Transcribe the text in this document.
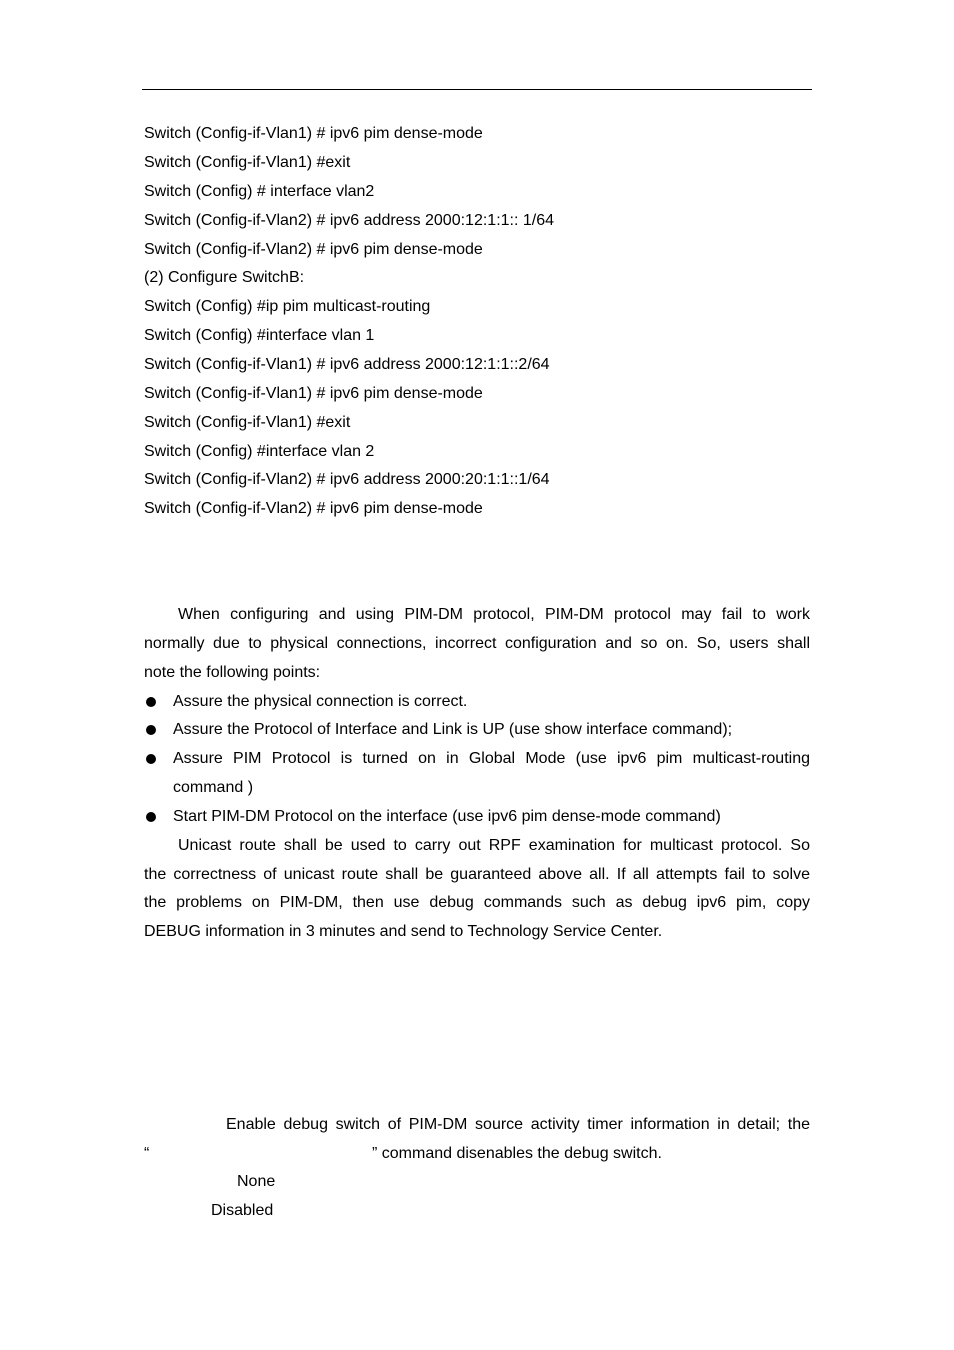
Switch (Config-if-Vlan1) # ipv6 pim dense-mode
Switch (Config-if-Vlan1) #exit
Switch (Config) # interface vlan2
Switch (Config-if-Vlan2) # ipv6 address 2000:12:1:1:: 1/64
Switch (Config-if-Vlan2) # ipv6 pim dense-mode
(2) Configure SwitchB:
Switch (Config) #ip pim multicast-routing
Switch (Config) #interface vlan 1
Switch (Config-if-Vlan1) # ipv6 address 2000:12:1:1::2/64
Switch (Config-if-Vlan1) # ipv6 pim dense-mode
Switch (Config-if-Vlan1) #exit
Switch (Config) #interface vlan 2
Switch (Config-if-Vlan2) # ipv6 address 2000:20:1:1::1/64
Switch (Config-if-Vlan2) # ipv6 pim dense-mode
When configuring and using PIM-DM protocol, PIM-DM protocol may fail to work
normally due to physical connections, incorrect configuration and so on. So, users shall
note the following points:
Assure the physical connection is correct.
Assure the Protocol of Interface and Link is UP (use show interface command);
Assure PIM Protocol is turned on in Global Mode (use ipv6 pim multicast-routing
command )
Start PIM-DM Protocol on the interface (use ipv6 pim dense-mode command)
Unicast route shall be used to carry out RPF examination for multicast protocol. So
the correctness of unicast route shall be guaranteed above all. If all attempts fail to solve
the problems on PIM-DM, then use debug commands such as debug ipv6 pim, copy
DEBUG information in 3 minutes and send to Technology Service Center.
Enable debug switch of PIM-DM source activity timer information in detail; the
“	” command disenables the debug switch.
None
Disabled
